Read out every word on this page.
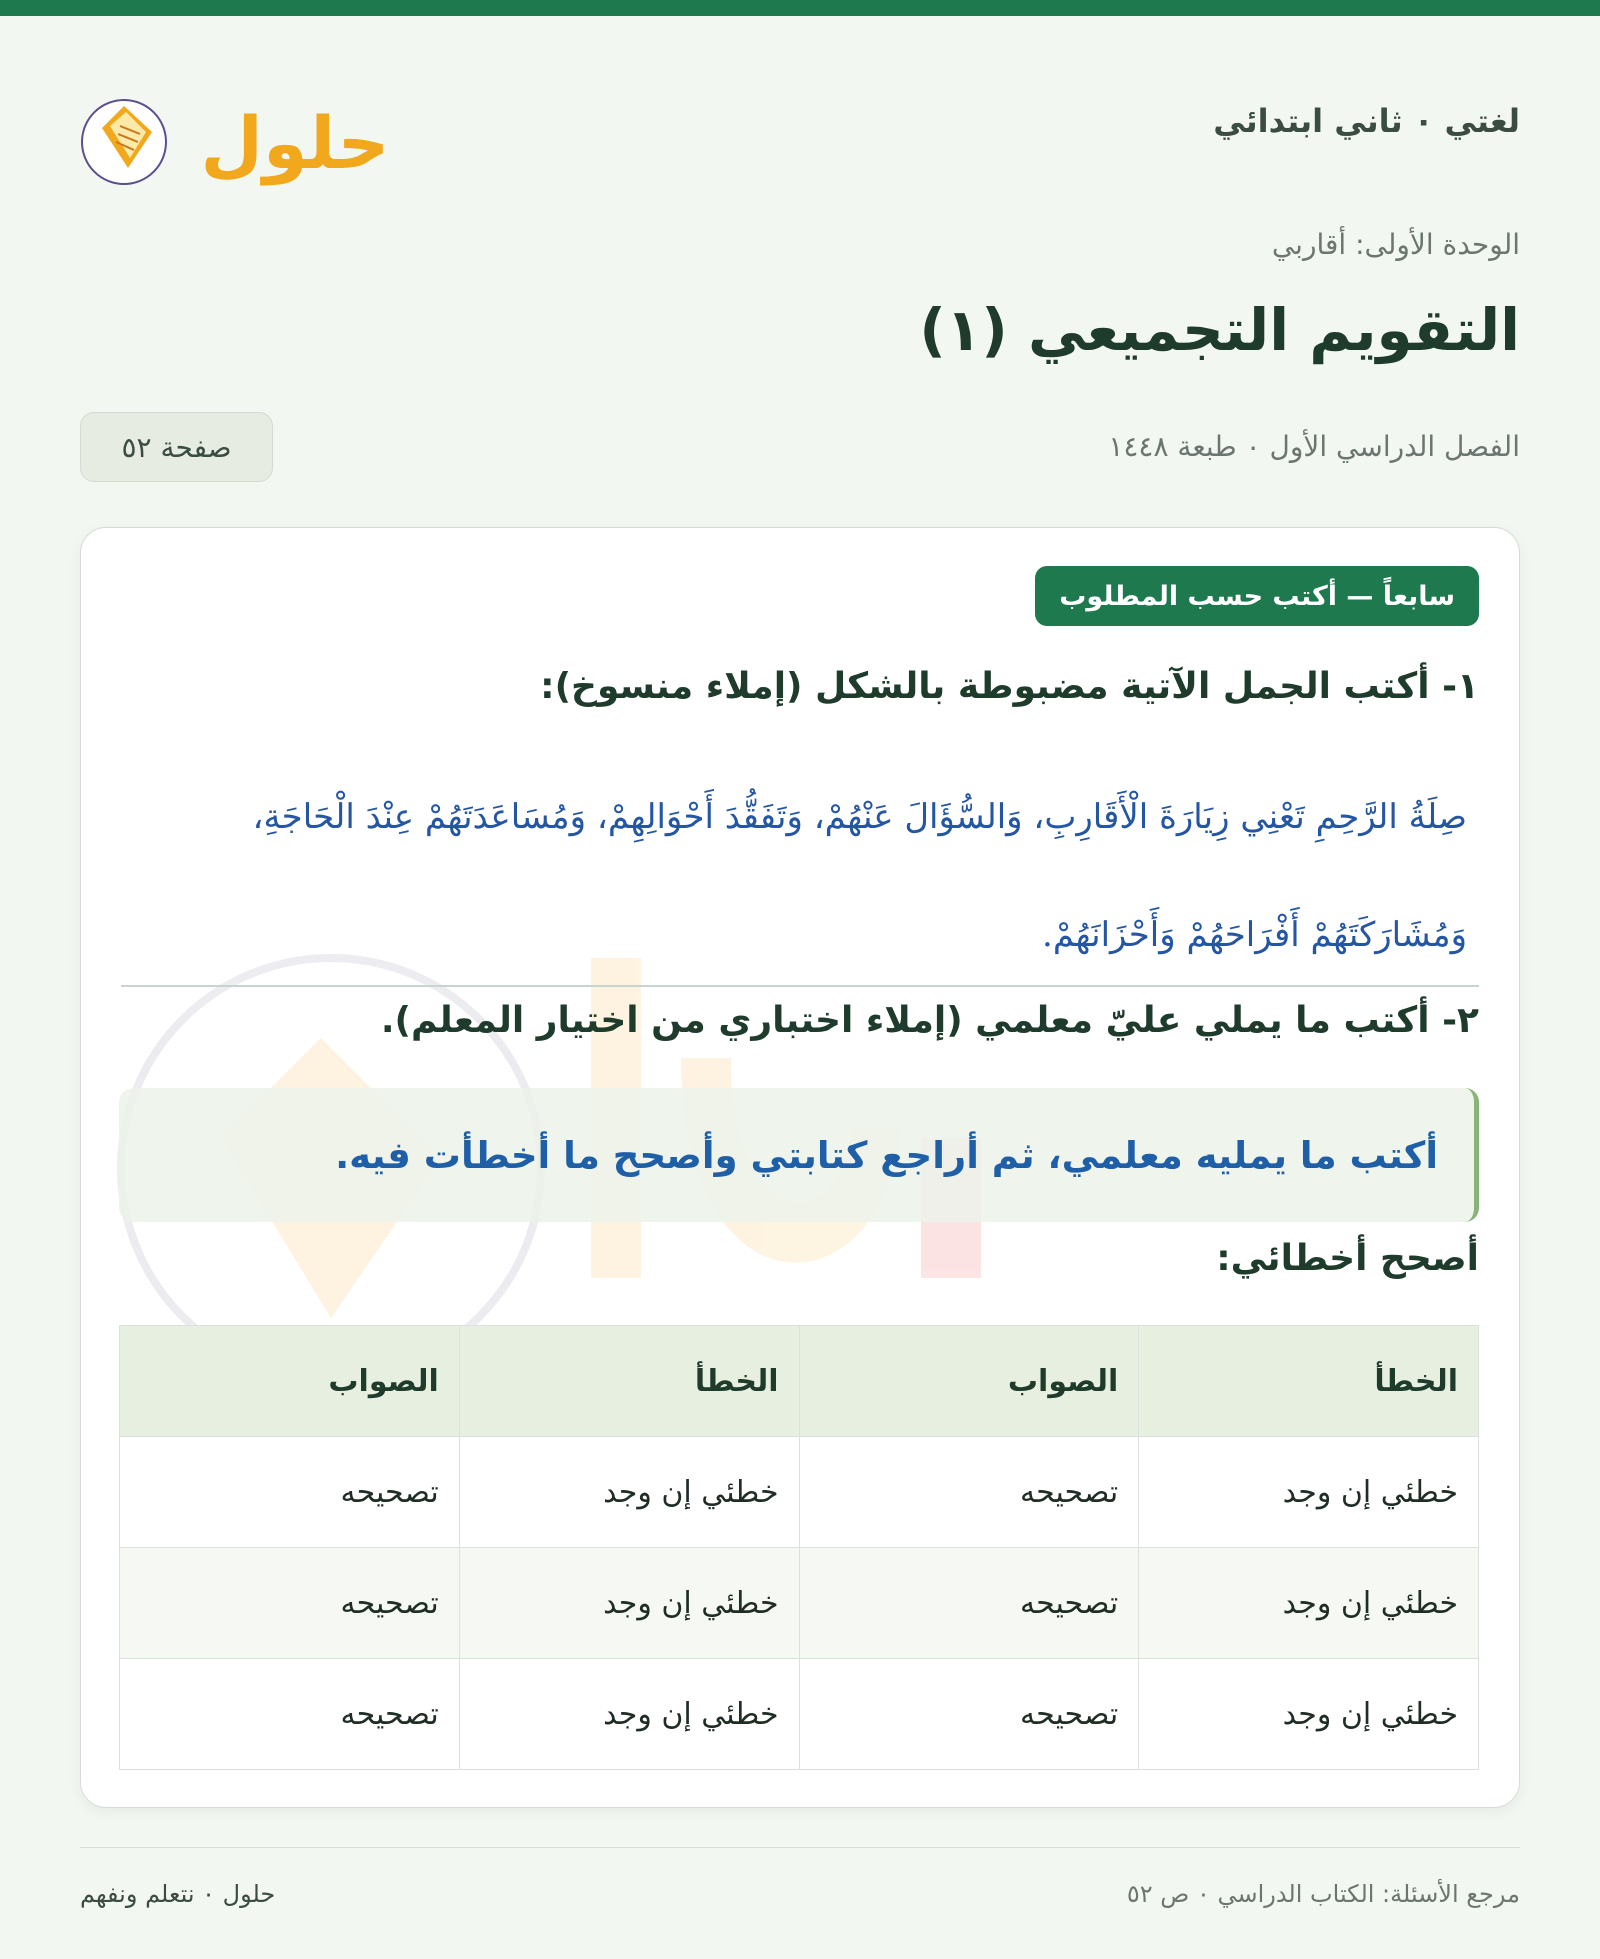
لغتي ٠ ثاني ابتدائي
حلول
الوحدة الأولى: أقاربي
التقويم التجميعي (١)
الفصل الدراسي الأول ٠ طبعة ١٤٤٨
صفحة ٥٢
سابعاً — أكتب حسب المطلوب
١- أكتب الجمل الآتية مضبوطة بالشكل (إملاء منسوخ):
صِلَةُ الرَّحِمِ تَعْنِي زِيَارَةَ الْأَقَارِبِ، وَالسُّؤَالَ عَنْهُمْ، وَتَفَقُّدَ أَحْوَالِهِمْ، وَمُسَاعَدَتَهُمْ عِنْدَ الْحَاجَةِ، وَمُشَارَكَتَهُمْ أَفْرَاحَهُمْ وَأَحْزَانَهُمْ.
٢- أكتب ما يملي عليّ معلمي (إملاء اختباري من اختيار المعلم).
أكتب ما يمليه معلمي، ثم أراجع كتابتي وأصحح ما أخطأت فيه.
أصحح أخطائي:
الخطأ	الصواب	الخطأ	الصواب
خطئي إن وجد	تصحيحه	خطئي إن وجد	تصحيحه
خطئي إن وجد	تصحيحه	خطئي إن وجد	تصحيحه
خطئي إن وجد	تصحيحه	خطئي إن وجد	تصحيحه
مرجع الأسئلة: الكتاب الدراسي ٠ ص ٥٢
حلول ٠ نتعلم ونفهم
